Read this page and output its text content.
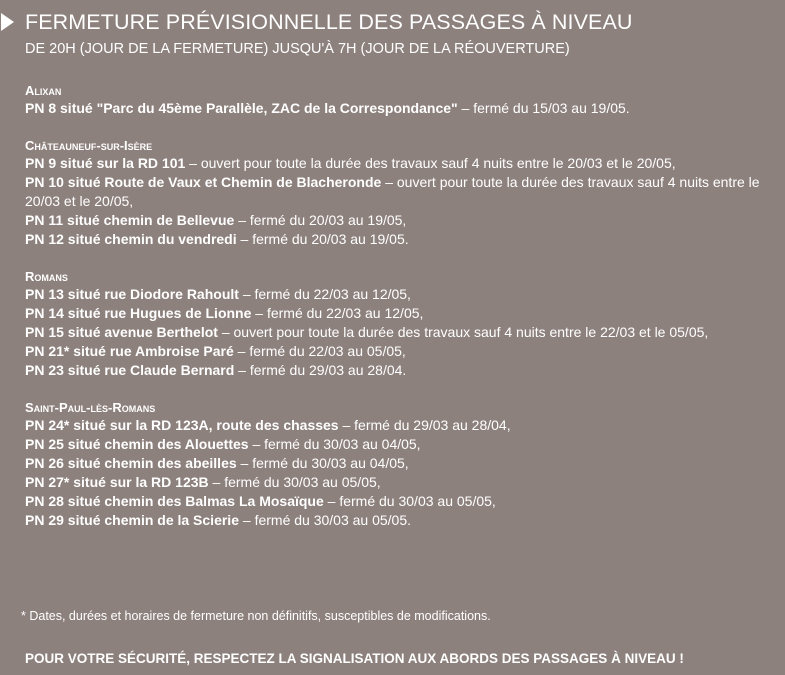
FERMETURE PRÉVISIONNELLE DES PASSAGES À NIVEAU

DE 20H (JOUR DE LA FERMETURE) JUSQU'À 7H (JOUR DE LA RÉOUVERTURE)

Alixan
PN 8 situé "Parc du 45ème Parallèle, ZAC de la Correspondance" – fermé du 15/03 au 19/05.
Châteauneuf-sur-Isère
PN 9 situé sur la RD 101 – ouvert pour toute la durée des travaux sauf 4 nuits entre le 20/03 et le 20/05,
PN 10 situé Route de Vaux et Chemin de Blacheronde – ouvert pour toute la durée des travaux sauf 4 nuits entre le 20/03 et le 20/05,
PN 11 situé chemin de Bellevue – fermé du 20/03 au 19/05,
PN 12 situé chemin du vendredi – fermé du 20/03 au 19/05.
Romans
PN 13 situé rue Diodore Rahoult – fermé du 22/03 au 12/05,
PN 14 situé rue Hugues de Lionne – fermé du 22/03 au 12/05,
PN 15 situé avenue Berthelot – ouvert pour toute la durée des travaux sauf 4 nuits entre le 22/03 et le 05/05,
PN 21* situé rue Ambroise Paré – fermé du 22/03 au 05/05,
PN 23 situé rue Claude Bernard – fermé du 29/03 au 28/04.
Saint-Paul-lès-Romans
PN 24* situé sur la RD 123A, route des chasses – fermé du 29/03 au 28/04,
PN 25 situé chemin des Alouettes – fermé du 30/03 au 04/05,
PN 26 situé chemin des abeilles – fermé du 30/03 au 04/05,
PN 27* situé sur la RD 123B – fermé du 30/03 au 05/05,
PN 28 situé chemin des Balmas La Mosaïque – fermé du 30/03 au 05/05,
PN 29 situé chemin de la Scierie – fermé du 30/03 au 05/05.
* Dates, durées et horaires de fermeture non définitifs, susceptibles de modifications.
POUR VOTRE SÉCURITÉ, RESPECTEZ LA SIGNALISATION AUX ABORDS DES PASSAGES À NIVEAU !
